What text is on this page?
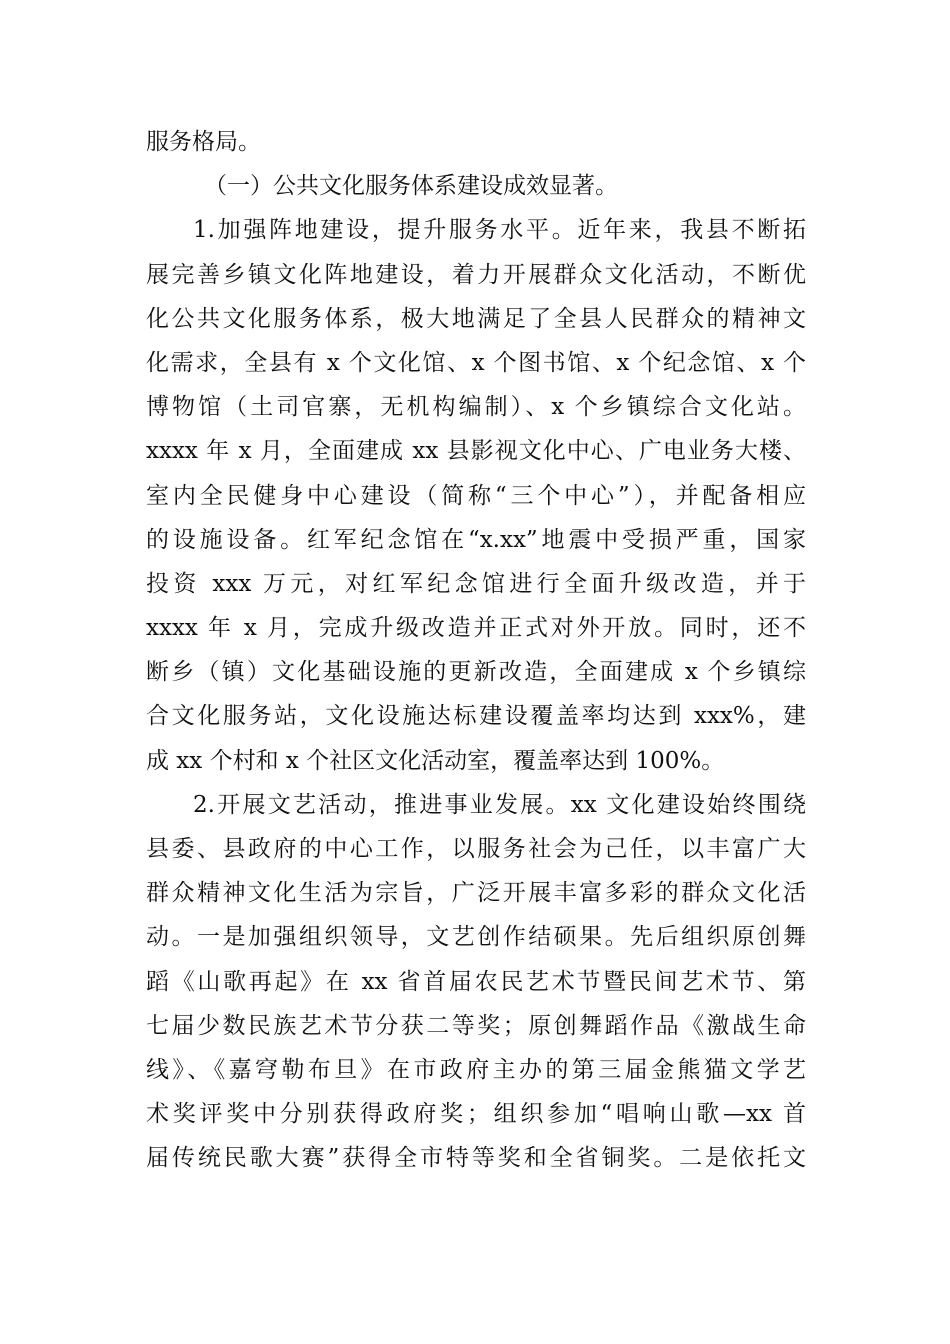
服务格局。
（一）公共文化服务体系建设成效显著。
1.加强阵地建设，提升服务水平。近年来，我县不断拓
展完善乡镇文化阵地建设，着力开展群众文化活动，不断优
化公共文化服务体系，极大地满足了全县人民群众的精神文
化需求，全县有 x 个文化馆、x 个图书馆、x 个纪念馆、x 个
博物馆（土司官寨，无机构编制）、x 个乡镇综合文化站。
xxxx 年 x 月，全面建成 xx 县影视文化中心、广电业务大楼、
室内全民健身中心建设（简称“三个中心”），并配备相应
的设施设备。红军纪念馆在“x.xx”地震中受损严重，国家
投资 xxx 万元，对红军纪念馆进行全面升级改造，并于
xxxx 年 x 月，完成升级改造并正式对外开放。同时，还不
断乡（镇）文化基础设施的更新改造，全面建成 x 个乡镇综
合文化服务站，文化设施达标建设覆盖率均达到 xxx%，建
成 xx 个村和 x 个社区文化活动室，覆盖率达到 100%。
2.开展文艺活动，推进事业发展。xx 文化建设始终围绕
县委、县政府的中心工作，以服务社会为己任，以丰富广大
群众精神文化生活为宗旨，广泛开展丰富多彩的群众文化活
动。一是加强组织领导，文艺创作结硕果。先后组织原创舞
蹈《山歌再起》在 xx 省首届农民艺术节暨民间艺术节、第
七届少数民族艺术节分获二等奖；原创舞蹈作品《激战生命
线》、《嘉穹勒布旦》在市政府主办的第三届金熊猫文学艺
术奖评奖中分别获得政府奖；组织参加“唱响山歌—xx 首
届传统民歌大赛”获得全市特等奖和全省铜奖。二是依托文
